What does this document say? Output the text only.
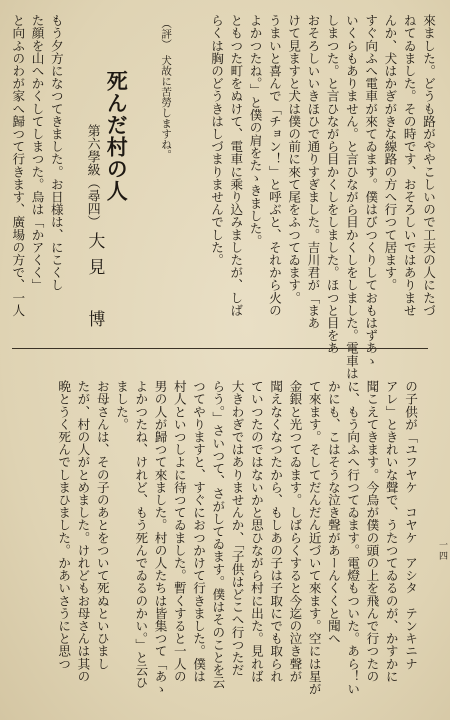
來ました。どうも路がややこしいので工夫の人にたづ
ねてゐました。その時です、おそろしいではありませ
んか、犬はかぎがきな線路の方へ行つて居ます。
すぐ向ふへ電車が來てゐます。僕はびつくりしておもはずあゝ
いくらもありません。と言ひながら目かくしをしました。電車は
しまつた。と言ひながら目かくしをしました。ほつと目をあ
おそろしいいきほひで通りすぎました。吉川君が「まあ
けて見ますと犬は僕の前に來て尾をふつてゐます。
うまいと喜んで「チョン！」と呼ぶと、それから火の
よかつたね。」と僕の肩をたゝきました。
ともつた町をぬけて、電車に乘り込みましたが、しば
らくは胸のどうきはしづまりませんでした。
（評）　犬故に苦勞しますね。
死んだ村の人
第六學級（尋四）
大見　博
もう夕方になつてきました。お日様は、にこくし
た顔を山へかくしてしまつた。烏は「かアくく」
と向ふのわが家へ歸つて行きます、廣場の方で、一人
一四
の子供が「ユフヤケ　コヤケ　アシタ　テンキニナ
アレ」ときれいな聲で、うたつてゐるのが、かすかに
聞こえてきます。今烏が僕の頭の上を飛んで行つたの
に、もう向ふへ行つてゐます。電燈もついた。あら！い
かにも、こはそうな泣き聲があーんくくと聞へ
て來ます。そしてだんだん近づいて來ます。空には星が
金銀と光つてゐます。しばらくすると今迄の泣き聲が
聞えなくなつたから、もしあの子は子取にでも取られ
ていつたのではないかと思ひながら村に出た。見れば
大きわぎではありませんか、「子供はどこへ行つただ
らう。」さいつて、さがしてゐます。僕はそのことを云
つてやりますと、すぐにおつかけて行きました。僕は
村人といつしよに待つてゐました。暫くすると一人の
男の人が歸つて來ました。村の人たちは皆集つて「あゝ
よかつたね、けれど、もう死んでゐるのかい。」と云ひ
ました。
お母さんは、その子のあとをついて死ぬといひまし
たが、村の人がとめました。けれどもお母さんは其の
晩とうく死んでしまひました。かあいさうにと思つ
